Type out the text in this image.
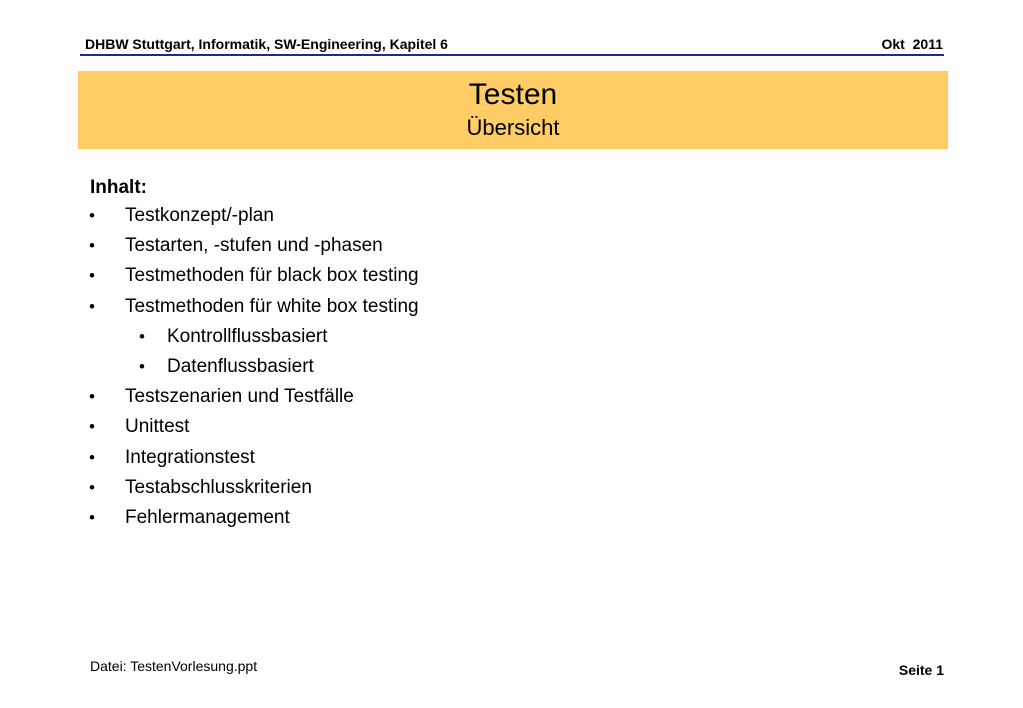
DHBW Stuttgart, Informatik, SW-Engineering, Kapitel 6	Okt  2011
Testen
Übersicht
Inhalt:
• Testkonzept/-plan
• Testarten, -stufen und -phasen
• Testmethoden für black box testing
• Testmethoden für white box testing
• Kontrollflussbasiert
• Datenflussbasiert
• Testszenarien und Testfälle
• Unittest
• Integrationstest
• Testabschlusskriterien
• Fehlermanagement
Datei: TestenVorlesung.ppt	Seite 1
